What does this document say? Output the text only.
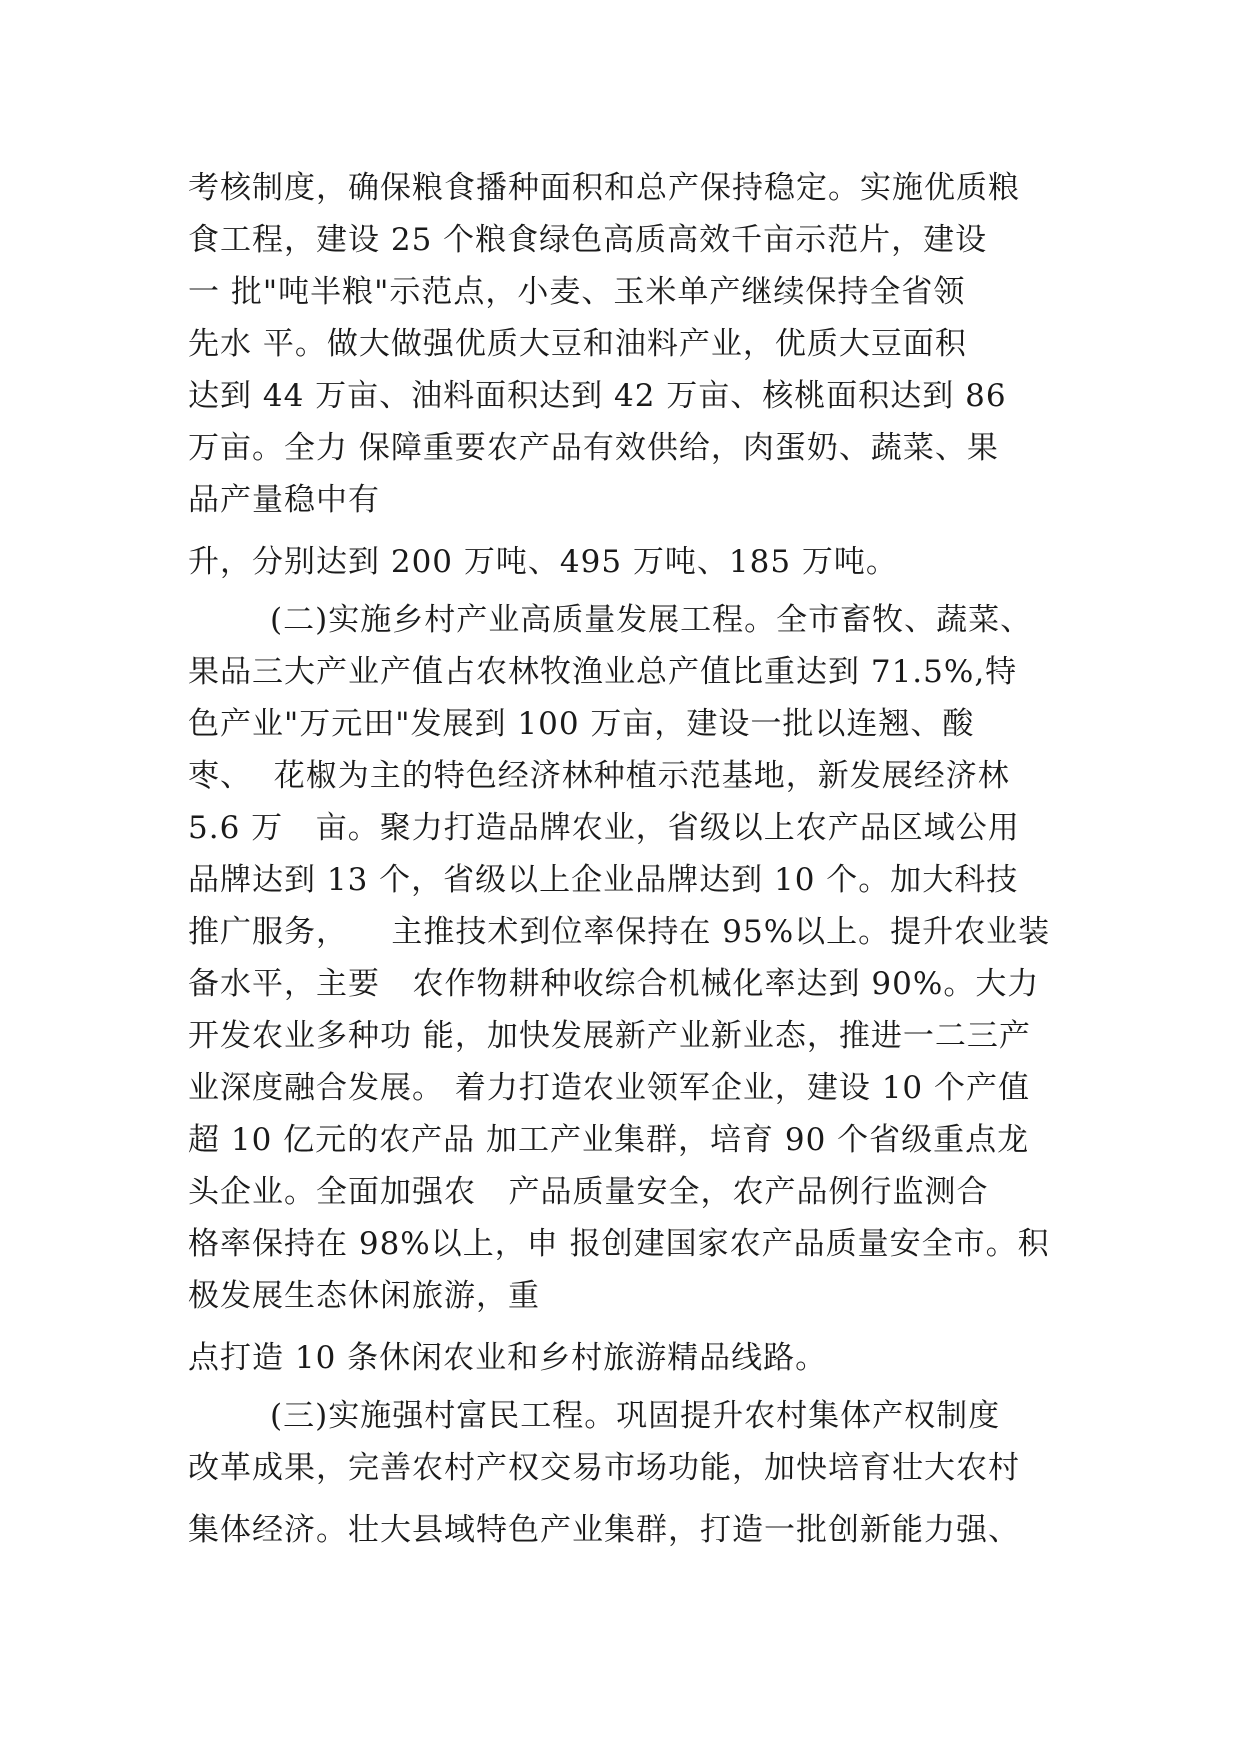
考核制度，确保粮食播种面积和总产保持稳定。实施优质粮
食工程，建设 25 个粮食绿色高质高效千亩示范片，建设
一 批"吨半粮"示范点，小麦、玉米单产继续保持全省领
先水 平。做大做强优质大豆和油料产业，优质大豆面积
达到 44 万亩、油料面积达到 42 万亩、核桃面积达到 86
万亩。全力 保障重要农产品有效供给，肉蛋奶、蔬菜、果
品产量稳中有
升，分别达到 200 万吨、495 万吨、185 万吨。
(二)实施乡村产业高质量发展工程。全市畜牧、蔬菜、
果品三大产业产值占农林牧渔业总产值比重达到 71.5%,特
色产业"万元田"发展到 100 万亩，建设一批以连翘、酸
枣、  花椒为主的特色经济林种植示范基地，新发展经济林
5.6 万   亩。聚力打造品牌农业，省级以上农产品区域公用
品牌达到 13 个，省级以上企业品牌达到 10 个。加大科技
推广服务，    主推技术到位率保持在 95%以上。提升农业装
备水平，主要   农作物耕种收综合机械化率达到 90%。大力
开发农业多种功 能，加快发展新产业新业态，推进一二三产
业深度融合发展。 着力打造农业领军企业，建设 10 个产值
超 10 亿元的农产品 加工产业集群，培育 90 个省级重点龙
头企业。全面加强农   产品质量安全，农产品例行监测合
格率保持在 98%以上，申 报创建国家农产品质量安全市。积
极发展生态休闲旅游，重
点打造 10 条休闲农业和乡村旅游精品线路。
(三)实施强村富民工程。巩固提升农村集体产权制度
改革成果，完善农村产权交易市场功能，加快培育壮大农村
集体经济。壮大县域特色产业集群，打造一批创新能力强、
